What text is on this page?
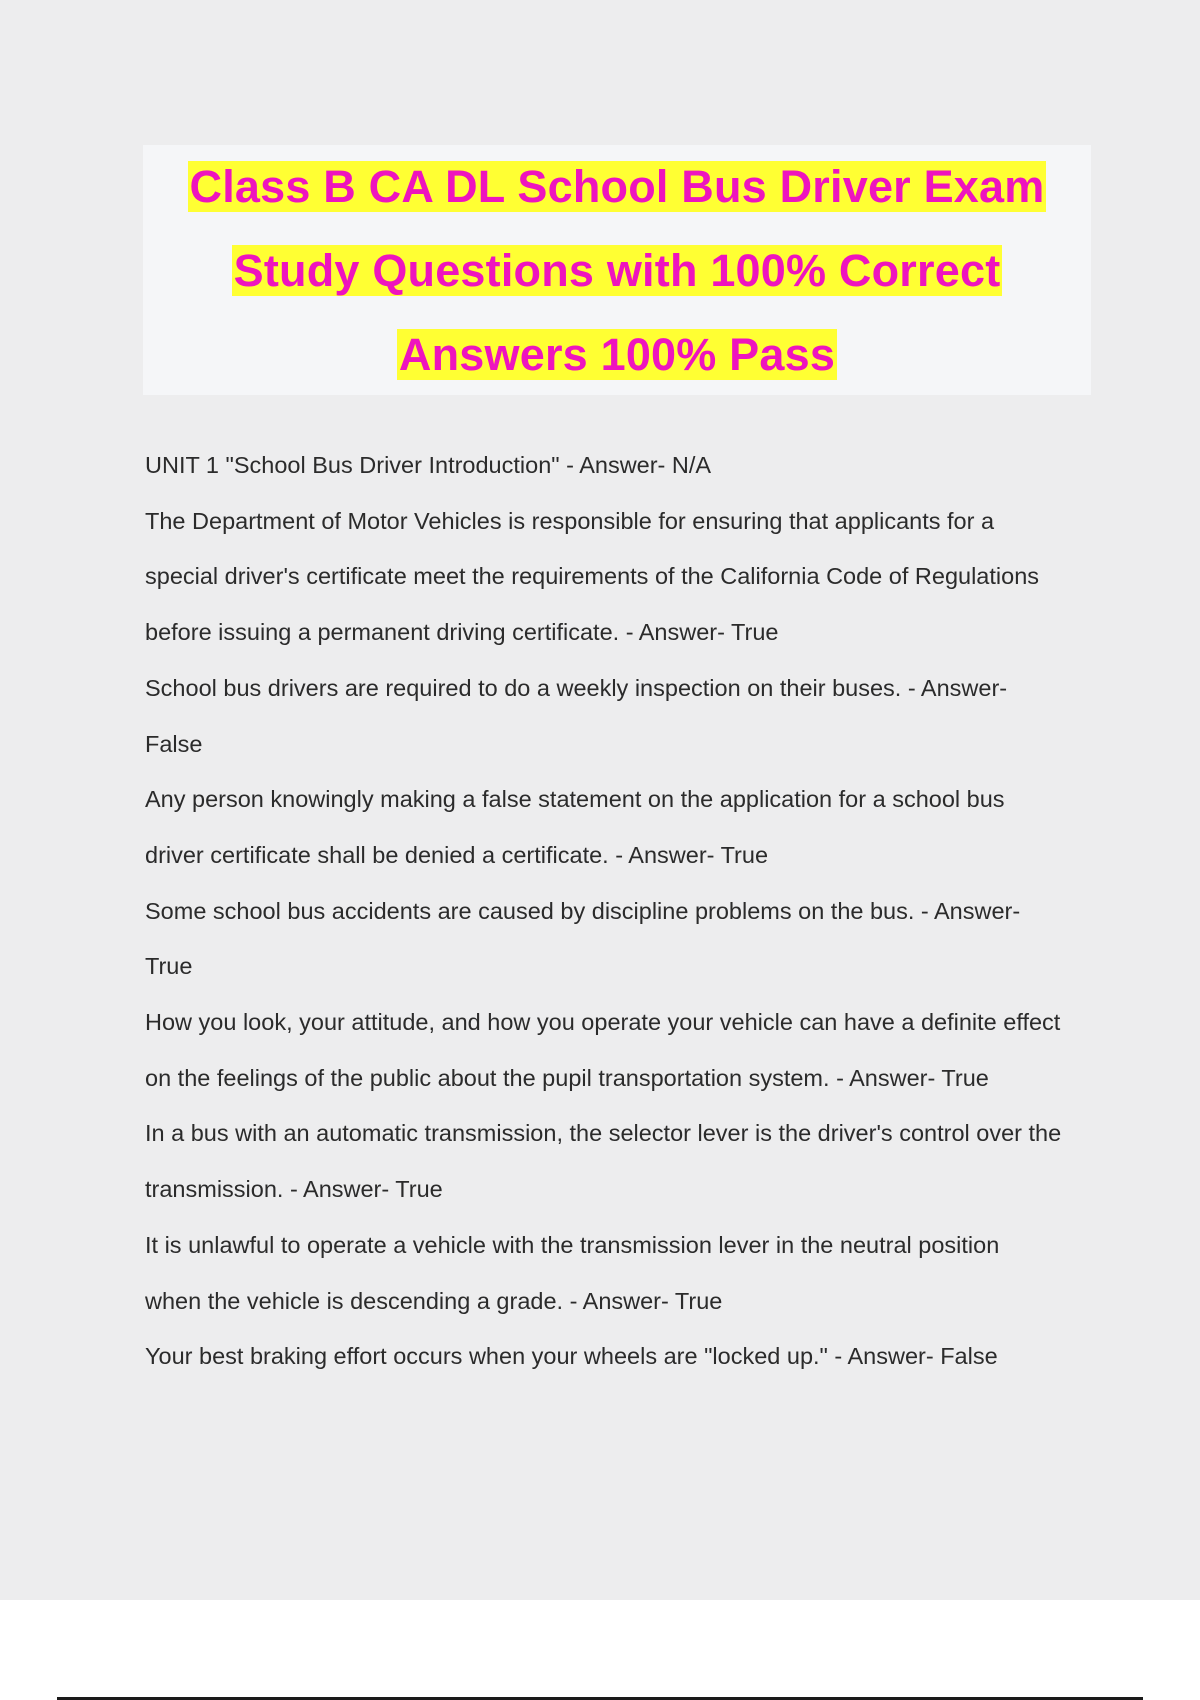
Class B CA DL School Bus Driver Exam
Study Questions with 100% Correct
Answers 100% Pass

UNIT 1 "School Bus Driver Introduction" - Answer- N/A

The Department of Motor Vehicles is responsible for ensuring that applicants for a

special driver's certificate meet the requirements of the California Code of Regulations

before issuing a permanent driving certificate. - Answer- True

School bus drivers are required to do a weekly inspection on their buses. - Answer-

False

Any person knowingly making a false statement on the application for a school bus

driver certificate shall be denied a certificate. - Answer- True

Some school bus accidents are caused by discipline problems on the bus. - Answer-

True

How you look, your attitude, and how you operate your vehicle can have a definite effect

on the feelings of the public about the pupil transportation system. - Answer- True

In a bus with an automatic transmission, the selector lever is the driver's control over the

transmission. - Answer- True

It is unlawful to operate a vehicle with the transmission lever in the neutral position

when the vehicle is descending a grade. - Answer- True

Your best braking effort occurs when your wheels are "locked up." - Answer- False
